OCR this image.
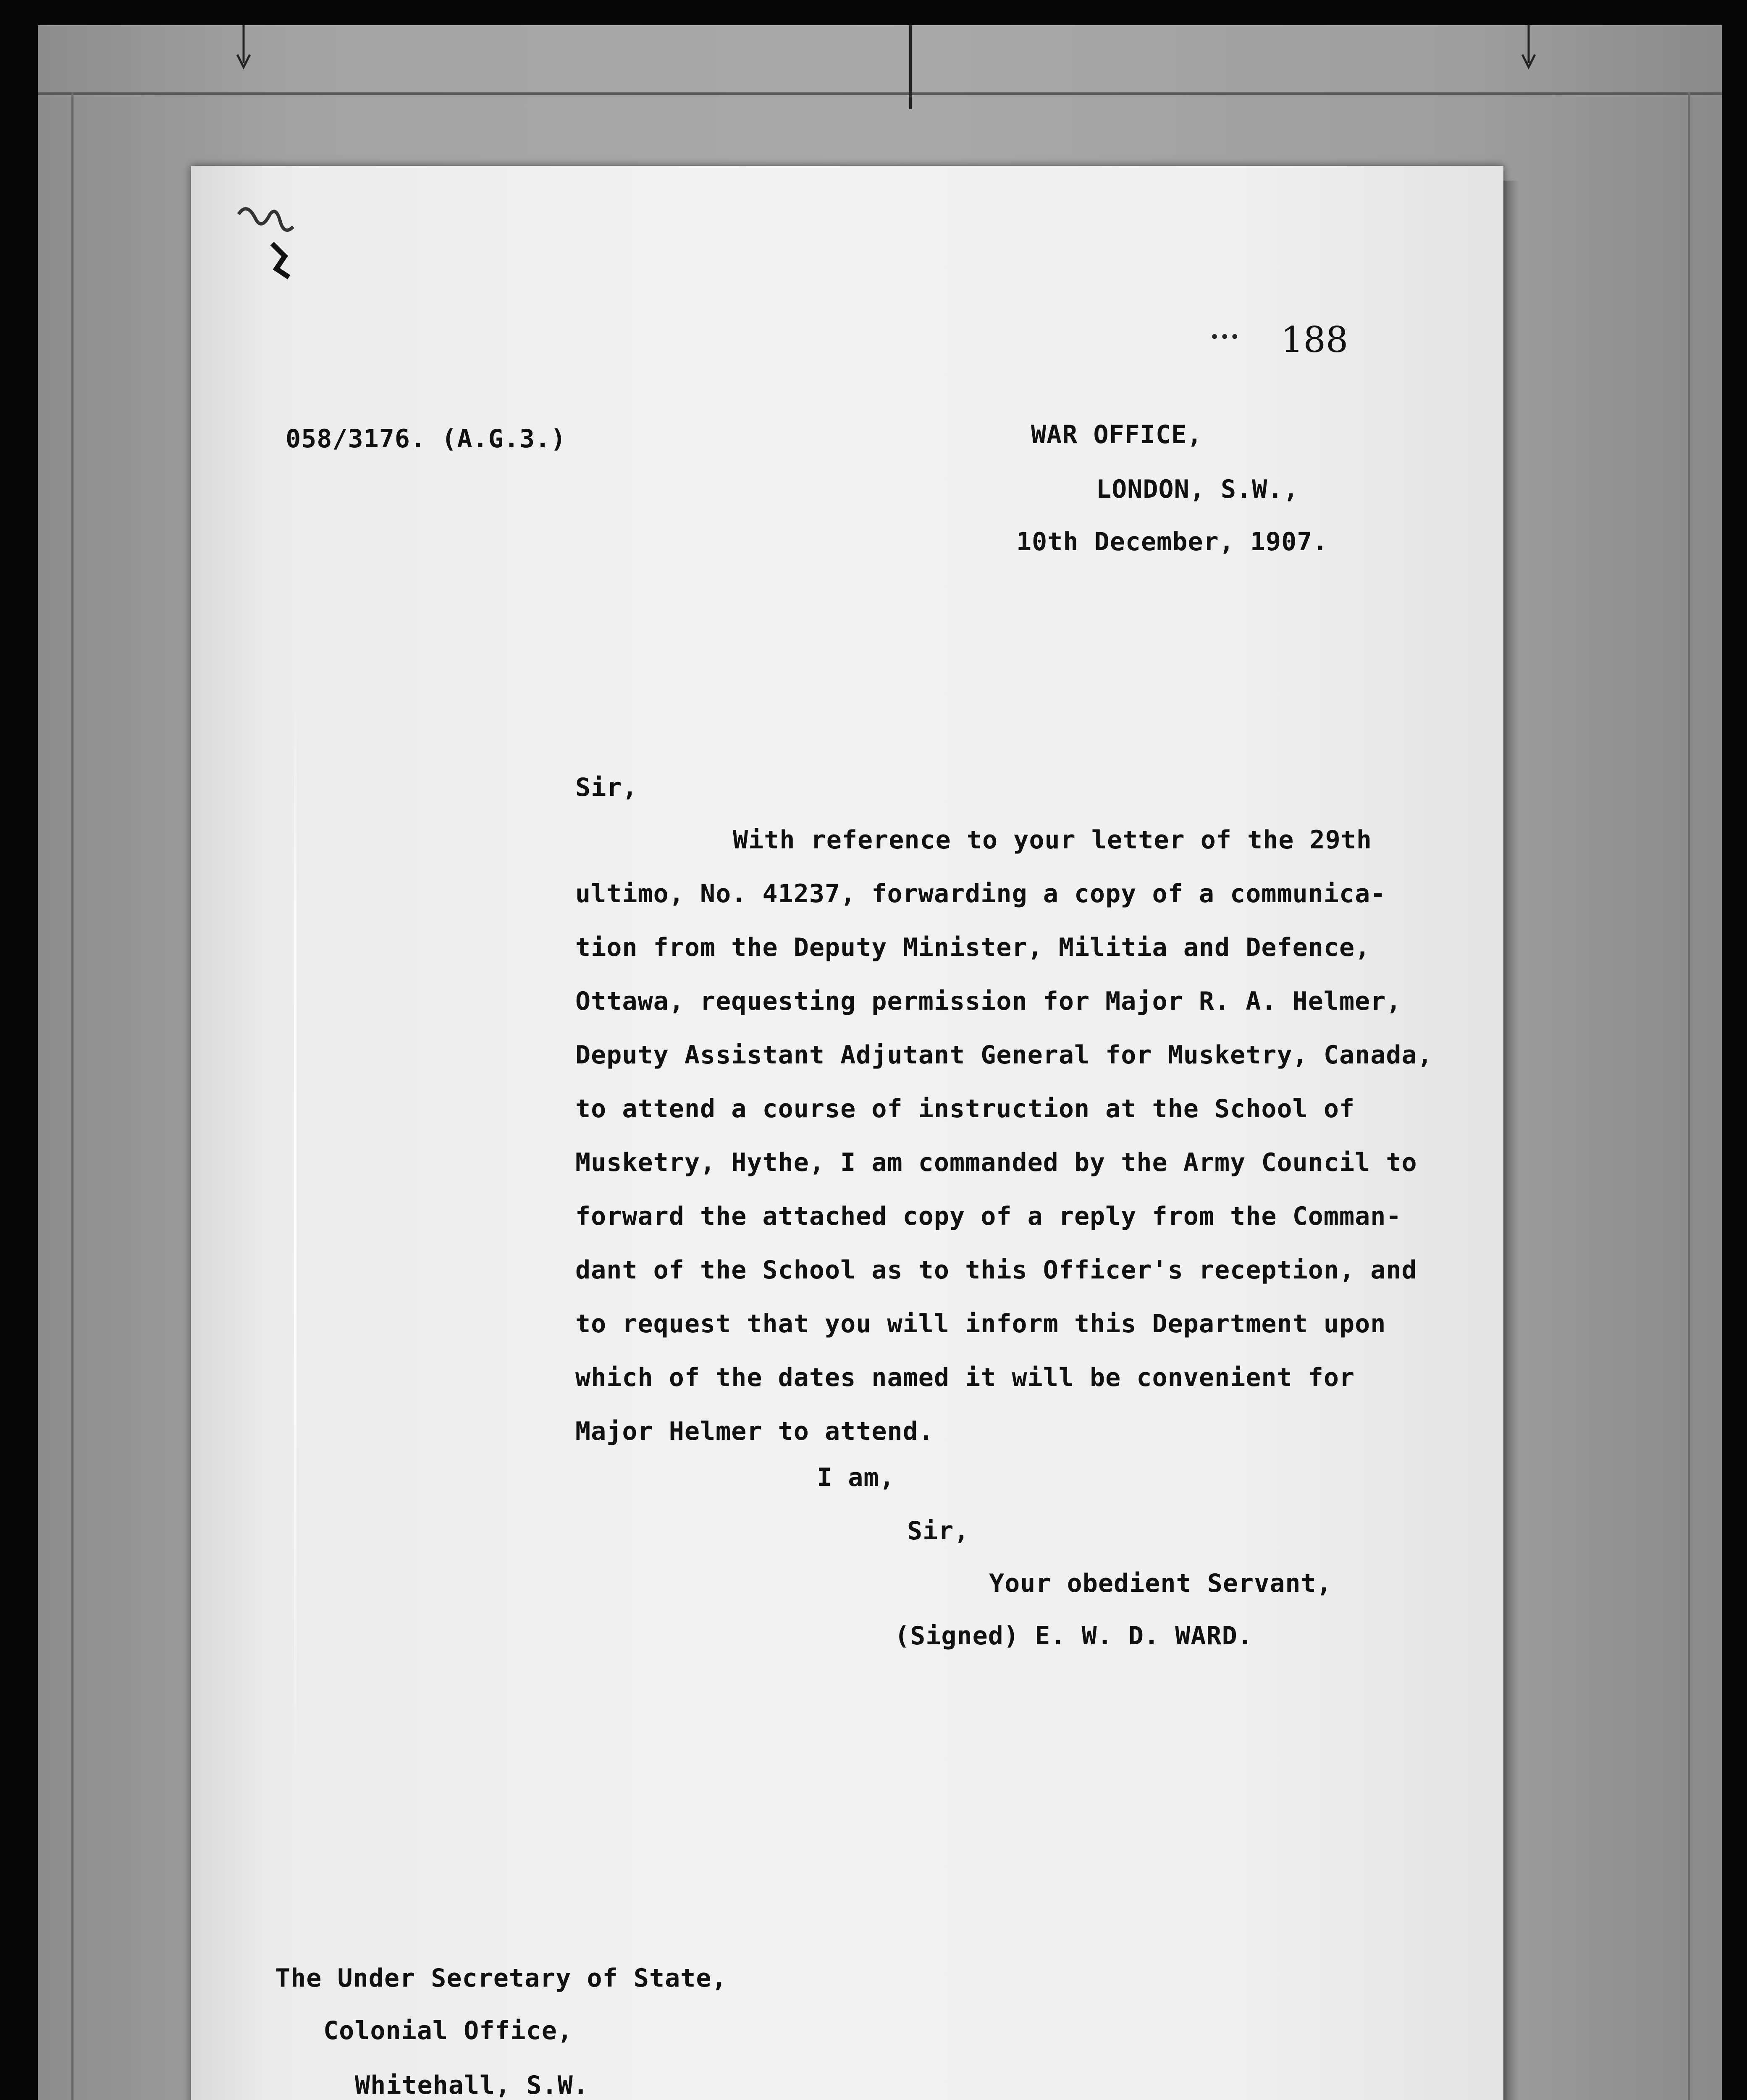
••• 188
058/3176. (A.G.3.)	WAR OFFICE,
LONDON, S.W.,
10th December, 1907.
Sir,
With reference to your letter of the 29th
ultimo, No. 41237, forwarding a copy of a communica-
tion from the Deputy Minister, Militia and Defence,
Ottawa, requesting permission for Major R. A. Helmer,
Deputy Assistant Adjutant General for Musketry, Canada,
to attend a course of instruction at the School of
Musketry, Hythe, I am commanded by the Army Council to
forward the attached copy of a reply from the Comman-
dant of the School as to this Officer's reception, and
to request that you will inform this Department upon
which of the dates named it will be convenient for
Major Helmer to attend.
I am,
Sir,
Your obedient Servant,
(Signed) E. W. D. WARD.
The Under Secretary of State,
Colonial Office,
Whitehall, S.W.
